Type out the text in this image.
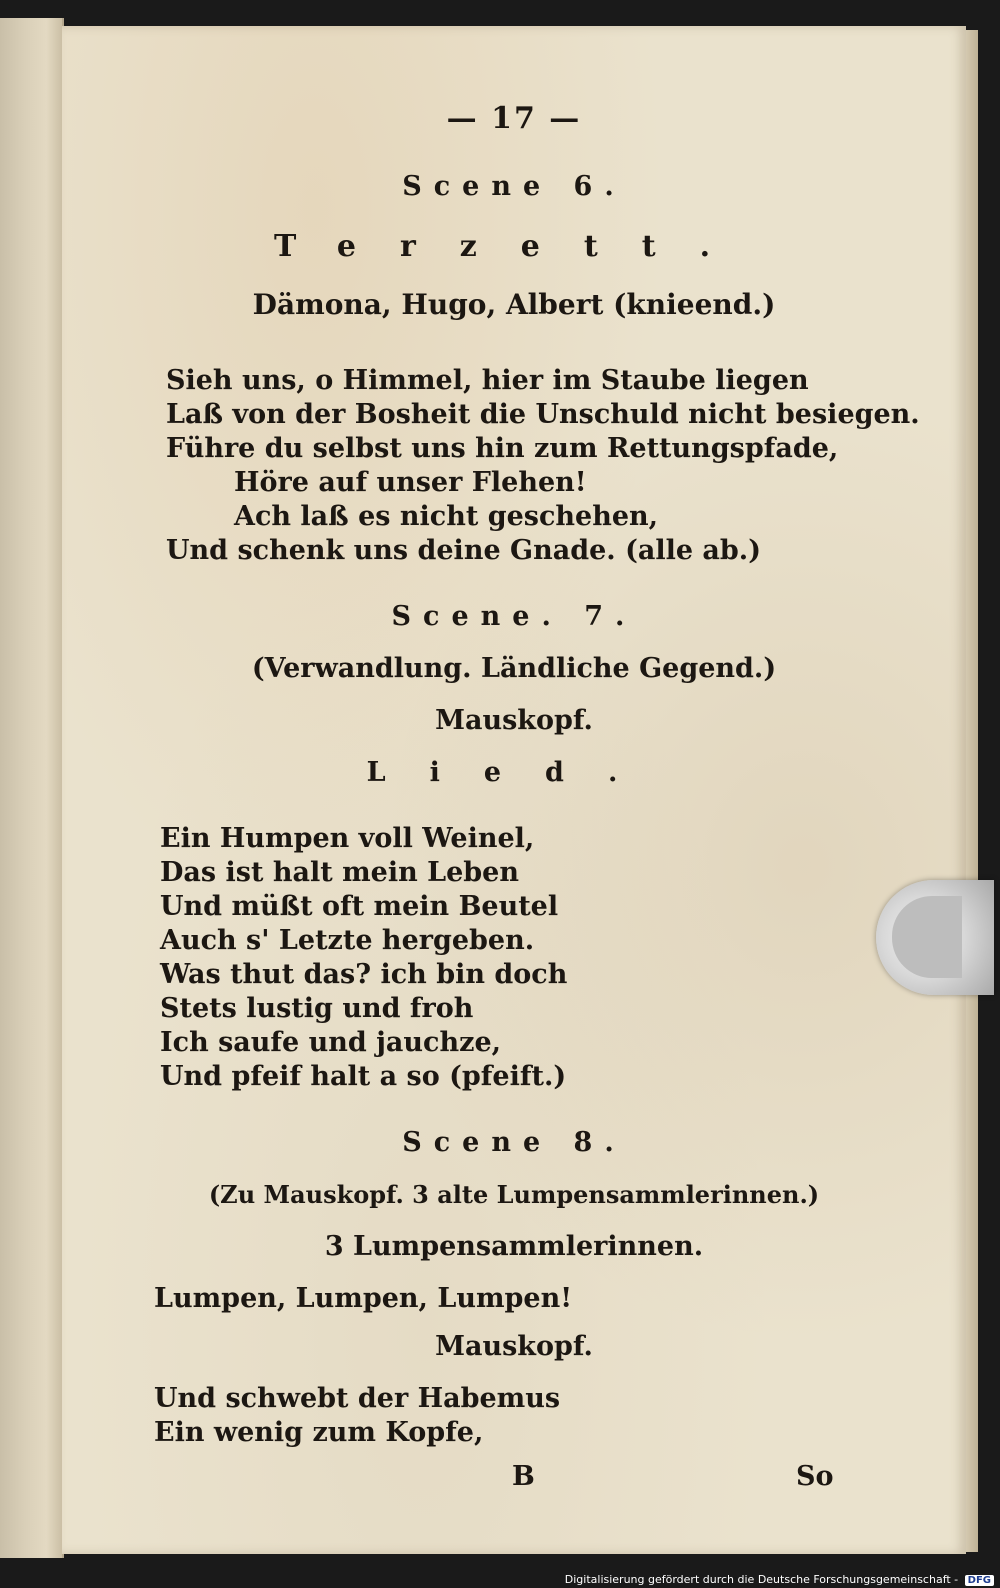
— 17 —
Scene 6.
Terzett.
Dämona, Hugo, Albert (knieend.)
Sieh uns, o Himmel, hier im Staube liegen
Laß von der Bosheit die Unschuld nicht besiegen.
Führe du selbst uns hin zum Rettungspfade,
Höre auf unser Flehen!
Ach laß es nicht geschehen,
Und schenk uns deine Gnade. (alle ab.)
Scene. 7.
(Verwandlung. Ländliche Gegend.)
Mauskopf.
Lied.
Ein Humpen voll Weinel,
Das ist halt mein Leben
Und müßt oft mein Beutel
Auch s' Letzte hergeben.
Was thut das? ich bin doch
Stets lustig und froh
Ich saufe und jauchze,
Und pfeif halt a so (pfeift.)
Scene 8.
(Zu Mauskopf. 3 alte Lumpensammlerinnen.)
3 Lumpensammlerinnen.
Lumpen, Lumpen, Lumpen!
Mauskopf.
Und schwebt der Habemus
Ein wenig zum Kopfe,
B	So
Digitalisierung gefördert durch die Deutsche Forschungsgemeinschaft - DFG
